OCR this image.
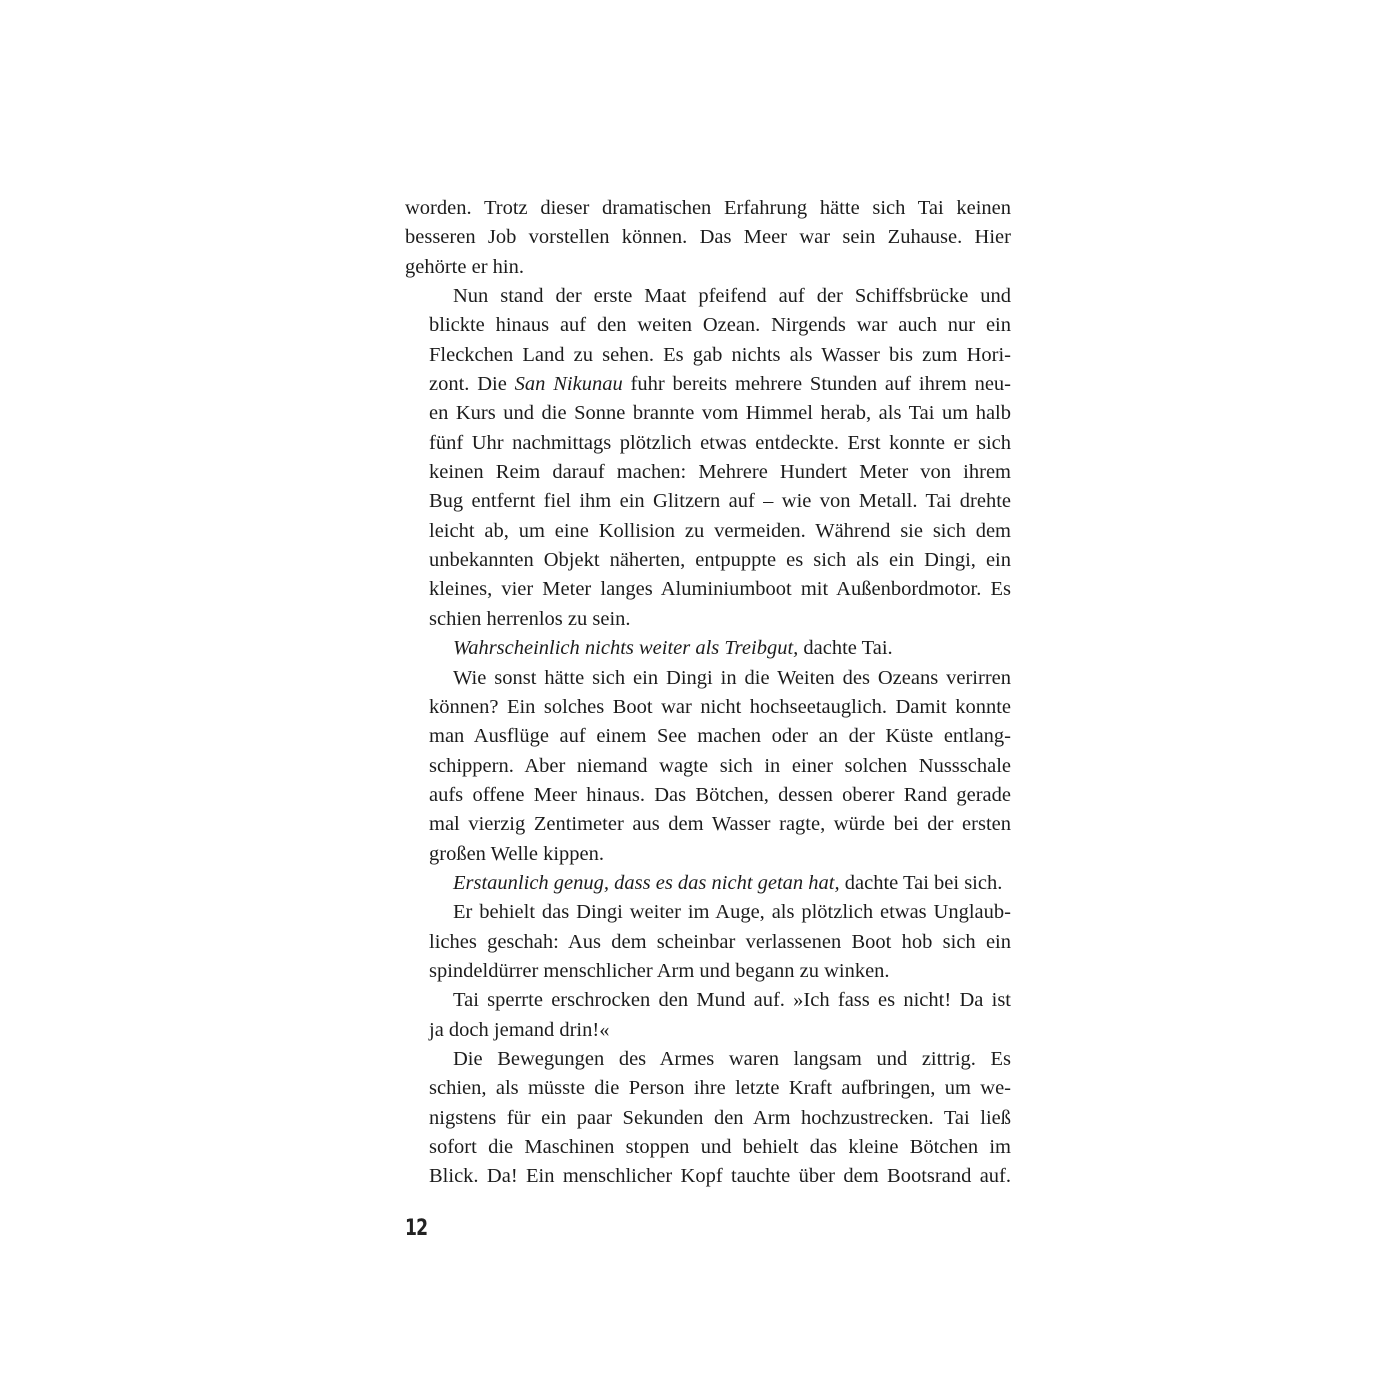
worden. Trotz dieser dramatischen Erfahrung hätte sich Tai keinen
besseren Job vorstellen können. Das Meer war sein Zuhause. Hier
gehörte er hin.
Nun stand der erste Maat pfeifend auf der Schiffsbrücke und
blickte hinaus auf den weiten Ozean. Nirgends war auch nur ein
Fleckchen Land zu sehen. Es gab nichts als Wasser bis zum Hori-
zont. Die San Nikunau fuhr bereits mehrere Stunden auf ihrem neu-
en Kurs und die Sonne brannte vom Himmel herab, als Tai um halb
fünf Uhr nachmittags plötzlich etwas entdeckte. Erst konnte er sich
keinen Reim darauf machen: Mehrere Hundert Meter von ihrem
Bug entfernt fiel ihm ein Glitzern auf – wie von Metall. Tai drehte
leicht ab, um eine Kollision zu vermeiden. Während sie sich dem
unbekannten Objekt näherten, entpuppte es sich als ein Dingi, ein
kleines, vier Meter langes Aluminiumboot mit Außenbordmotor. Es
schien herrenlos zu sein.
Wahrscheinlich nichts weiter als Treibgut, dachte Tai.
Wie sonst hätte sich ein Dingi in die Weiten des Ozeans verirren
können? Ein solches Boot war nicht hochseetauglich. Damit konnte
man Ausflüge auf einem See machen oder an der Küste entlang-
schippern. Aber niemand wagte sich in einer solchen Nussschale
aufs offene Meer hinaus. Das Bötchen, dessen oberer Rand gerade
mal vierzig Zentimeter aus dem Wasser ragte, würde bei der ersten
großen Welle kippen.
Erstaunlich genug, dass es das nicht getan hat, dachte Tai bei sich.
Er behielt das Dingi weiter im Auge, als plötzlich etwas Unglaub-
liches geschah: Aus dem scheinbar verlassenen Boot hob sich ein
spindeldürrer menschlicher Arm und begann zu winken.
Tai sperrte erschrocken den Mund auf. »Ich fass es nicht! Da ist
ja doch jemand drin!«
Die Bewegungen des Armes waren langsam und zittrig. Es
schien, als müsste die Person ihre letzte Kraft aufbringen, um we-
nigstens für ein paar Sekunden den Arm hochzustrecken. Tai ließ
sofort die Maschinen stoppen und behielt das kleine Bötchen im
Blick. Da! Ein menschlicher Kopf tauchte über dem Bootsrand auf.
12
